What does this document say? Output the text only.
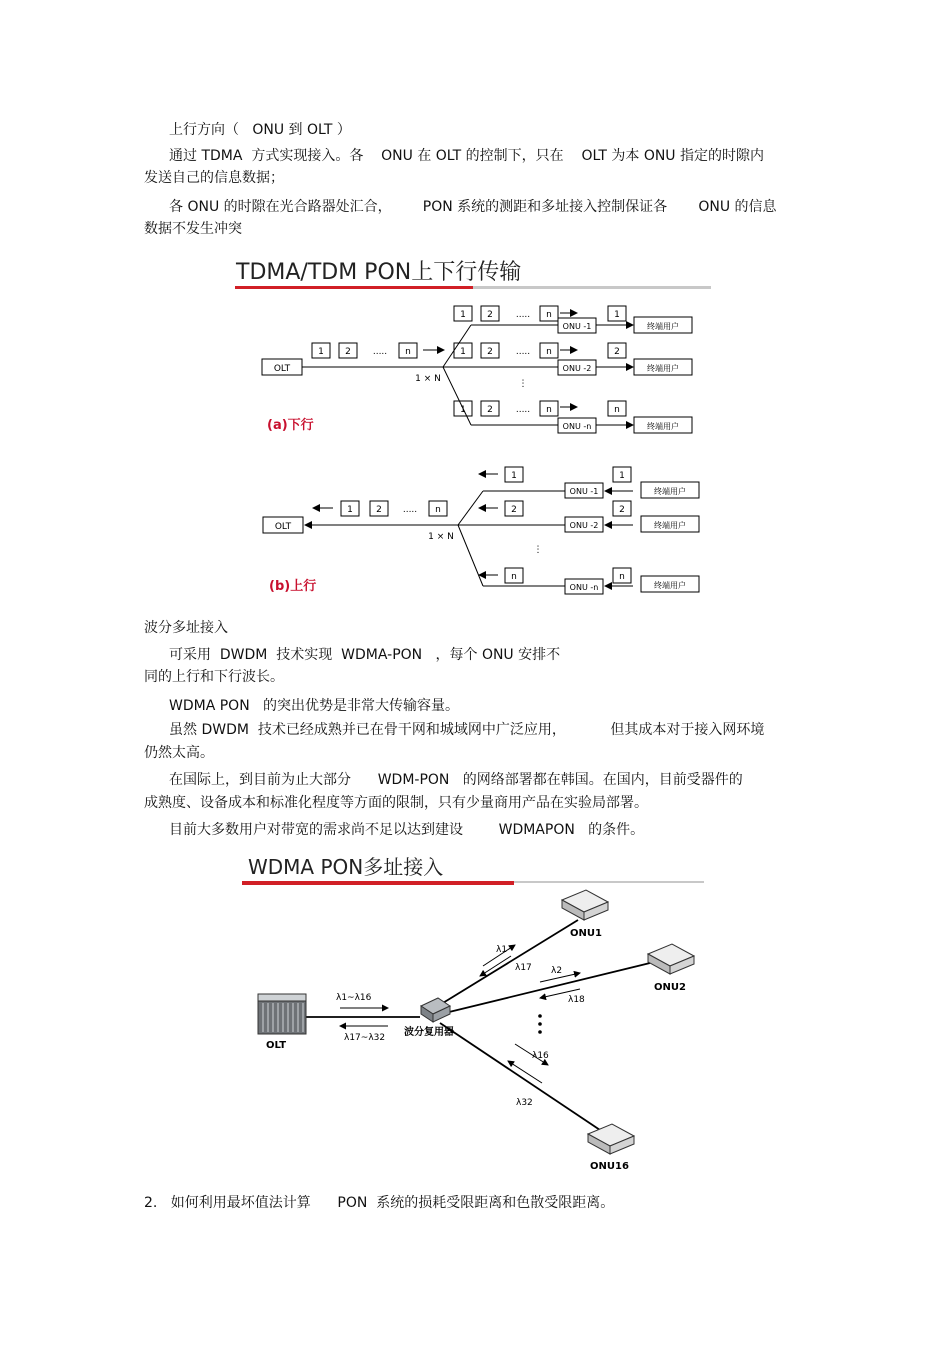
上行方向（   ONU 到 OLT ）

通过 TDMA  方式实现接入。各    ONU 在 OLT 的控制下，只在    OLT 为本 ONU 指定的时隙内

发送自己的信息数据；

各 ONU 的时隙在光合路器处汇合，       PON 系统的测距和多址接入控制保证各       ONU 的信息

数据不发生冲突

TDMA/TDM PON上下行传输
OLT
1 2 ..... n
1 × N
1 2	..... n
1 2	..... n
1 2	..... n
⋮
ONU -1
ONU -2
ONU -n
1
2
n
终端用户
终端用户
终端用户
(a)下行
OLT
1	2 ..... n
1 × N
1
2
n
⋮
ONU -1
ONU -2
ONU -n
1
2
n
终端用户
终端用户
终端用户
(b)上行

波分多址接入

可采用  DWDM  技术实现  WDMA-PON   ，每个 ONU 安排不

同的上行和下行波长。

WDMA PON   的突出优势是非常大传输容量。

虽然 DWDM  技术已经成熟并已在骨干网和城域网中广泛应用，          但其成本对于接入网环境

仍然太高。

在国际上，到目前为止大部分      WDM-PON   的网络部署都在韩国。在国内，目前受器件的

成熟度、设备成本和标准化程度等方面的限制，只有少量商用产品在实验局部署。

目前大多数用户对带宽的需求尚不足以达到建设        WDMAPON   的条件。

WDMA PON多址接入
λ1~λ16
λ17~λ32
λ1
λ17 λ2
λ18
λ16
λ32
OLT
波分复用器
ONU1
ONU2
ONU16

2.   如何利用最坏值法计算      PON  系统的损耗受限距离和色散受限距离。
